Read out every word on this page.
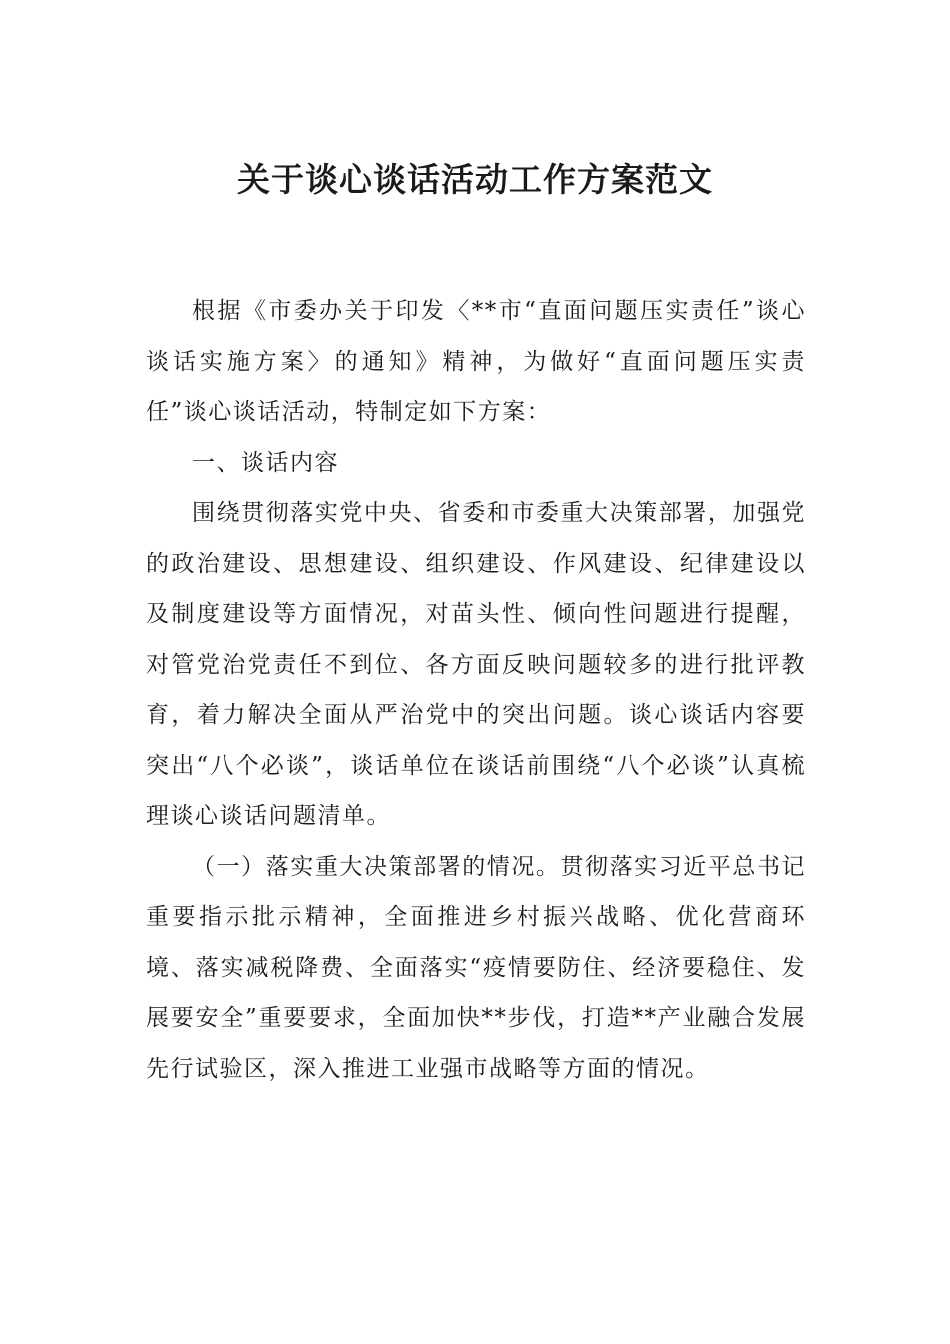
关于谈心谈话活动工作方案范文

根据《市委办关于印发〈**市“直面问题压实责任”谈心谈话实施方案〉的通知》精神，为做好“直面问题压实责任”谈心谈话活动，特制定如下方案：

一、谈话内容

围绕贯彻落实党中央、省委和市委重大决策部署，加强党的政治建设、思想建设、组织建设、作风建设、纪律建设以及制度建设等方面情况，对苗头性、倾向性问题进行提醒，对管党治党责任不到位、各方面反映问题较多的进行批评教育，着力解决全面从严治党中的突出问题。谈心谈话内容要突出“八个必谈”，谈话单位在谈话前围绕“八个必谈”认真梳理谈心谈话问题清单。

（一）落实重大决策部署的情况。贯彻落实习近平总书记重要指示批示精神，全面推进乡村振兴战略、优化营商环境、落实减税降费、全面落实“疫情要防住、经济要稳住、发展要安全”重要要求，全面加快**步伐，打造**产业融合发展先行试验区，深入推进工业强市战略等方面的情况。
